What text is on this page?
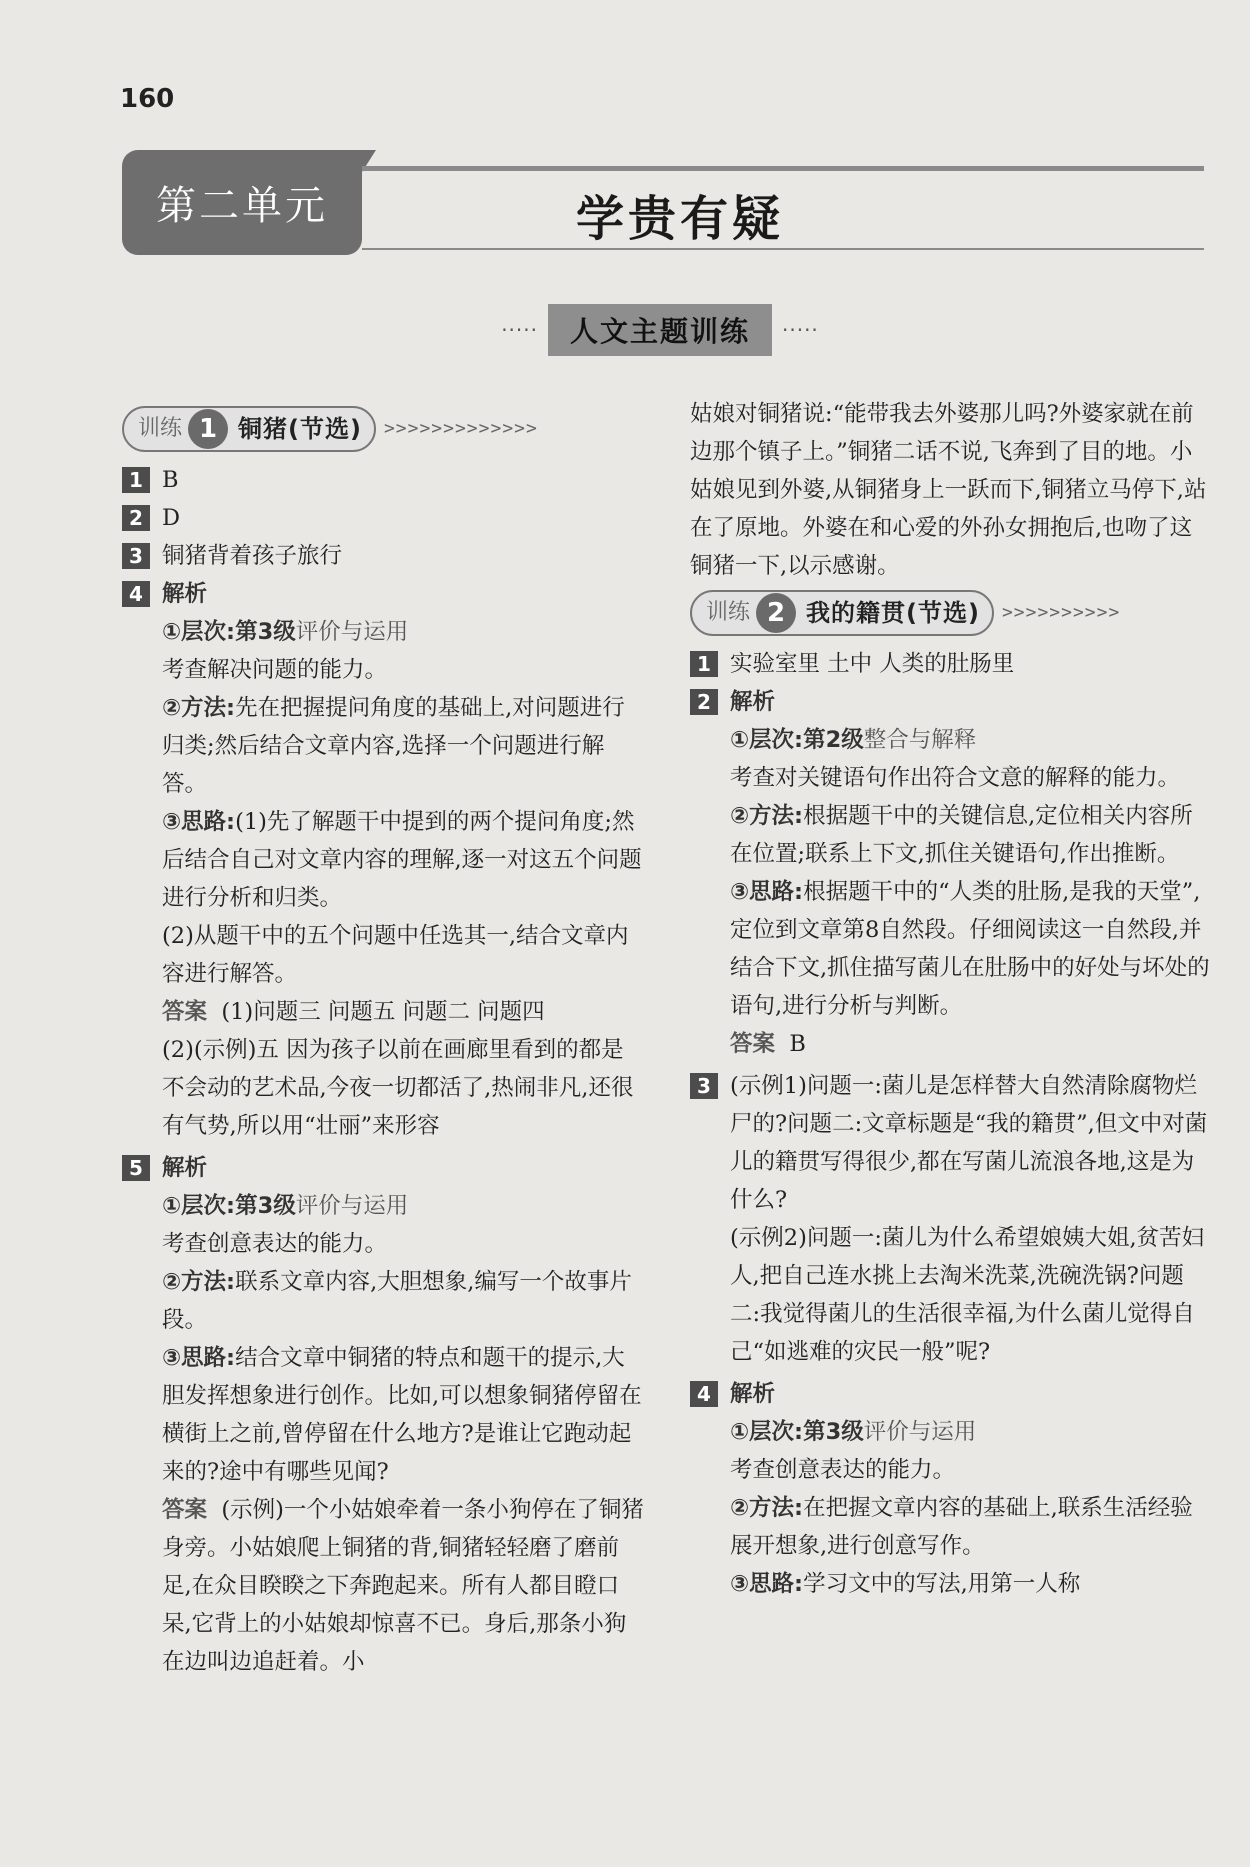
160
第二单元	学贵有疑
·····	人文主题训练	·····
训练 1 铜猪(节选) >>>>>>>>>>>>>
1 B

2 D

3 铜猪背着孩子旅行

4 解析

①层次:第3级评价与运用

考查解决问题的能力。

②方法:先在把握提问角度的基础上,对问题进行归类;然后结合文章内容,选择一个问题进行解答。

③思路:(1)先了解题干中提到的两个提问角度;然后结合自己对文章内容的理解,逐一对这五个问题进行分析和归类。

(2)从题干中的五个问题中任选其一,结合文章内容进行解答。

答案 (1)问题三 问题五 问题二 问题四

(2)(示例)五 因为孩子以前在画廊里看到的都是不会动的艺术品,今夜一切都活了,热闹非凡,还很有气势,所以用“壮丽”来形容

5 解析

①层次:第3级评价与运用

考查创意表达的能力。

②方法:联系文章内容,大胆想象,编写一个故事片段。

③思路:结合文章中铜猪的特点和题干的提示,大胆发挥想象进行创作。比如,可以想象铜猪停留在横街上之前,曾停留在什么地方?是谁让它跑动起来的?途中有哪些见闻?

答案 (示例)一个小姑娘牵着一条小狗停在了铜猪身旁。小姑娘爬上铜猪的背,铜猪轻轻磨了磨前足,在众目睽睽之下奔跑起来。所有人都目瞪口呆,它背上的小姑娘却惊喜不已。身后,那条小狗在边叫边追赶着。小

姑娘对铜猪说:“能带我去外婆那儿吗?外婆家就在前边那个镇子上。”铜猪二话不说,飞奔到了目的地。小姑娘见到外婆,从铜猪身上一跃而下,铜猪立马停下,站在了原地。外婆在和心爱的外孙女拥抱后,也吻了这铜猪一下,以示感谢。

训练 2 我的籍贯(节选) >>>>>>>>>>
1 实验室里 土中 人类的肚肠里

2 解析

①层次:第2级整合与解释

考查对关键语句作出符合文意的解释的能力。

②方法:根据题干中的关键信息,定位相关内容所在位置;联系上下文,抓住关键语句,作出推断。

③思路:根据题干中的“人类的肚肠,是我的天堂”,定位到文章第8自然段。仔细阅读这一自然段,并结合下文,抓住描写菌儿在肚肠中的好处与坏处的语句,进行分析与判断。

答案 B

3 (示例1)问题一:菌儿是怎样替大自然清除腐物烂尸的?问题二:文章标题是“我的籍贯”,但文中对菌儿的籍贯写得很少,都在写菌儿流浪各地,这是为什么?

(示例2)问题一:菌儿为什么希望娘姨大姐,贫苦妇人,把自己连水挑上去淘米洗菜,洗碗洗锅?问题二:我觉得菌儿的生活很幸福,为什么菌儿觉得自己“如逃难的灾民一般”呢?

4 解析

①层次:第3级评价与运用

考查创意表达的能力。

②方法:在把握文章内容的基础上,联系生活经验展开想象,进行创意写作。

③思路:学习文中的写法,用第一人称
